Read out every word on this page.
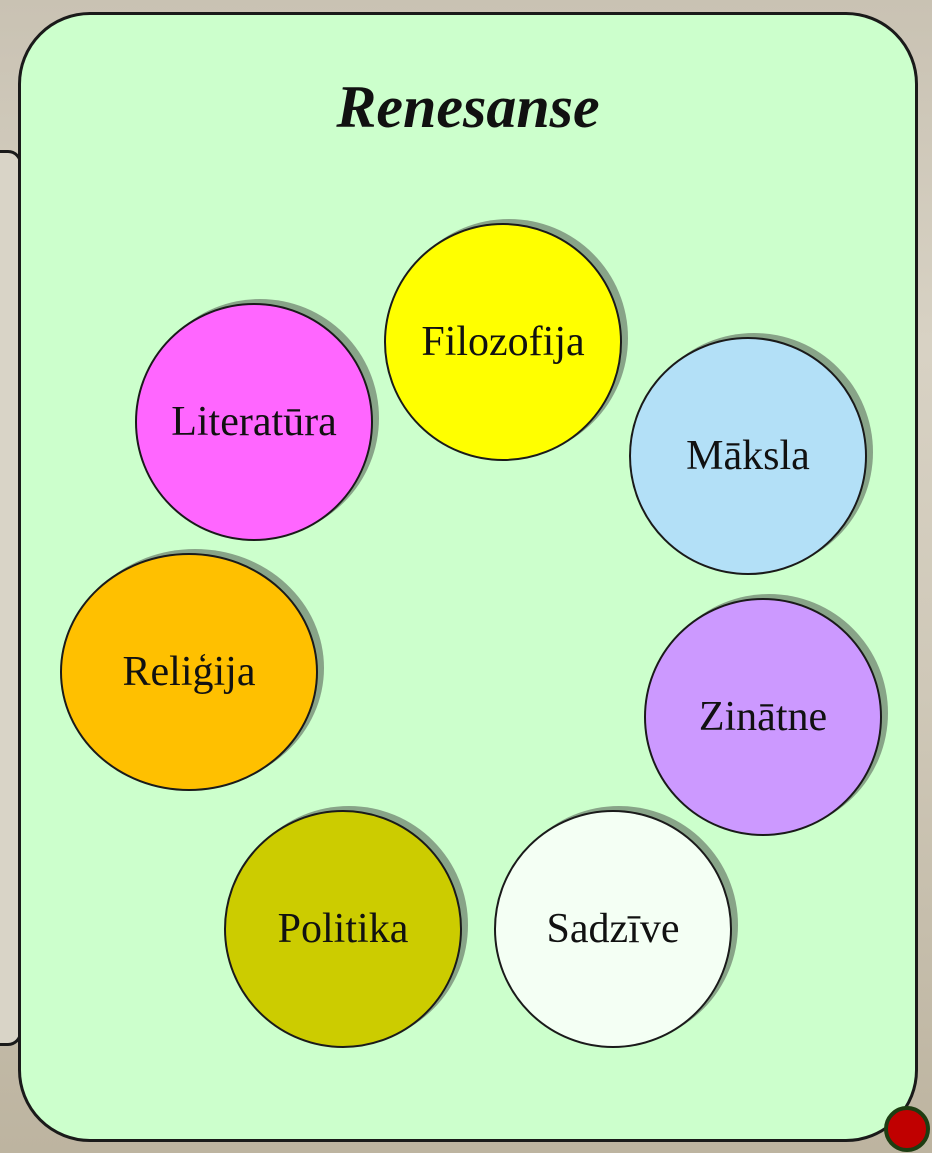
Renesanse
Filozofija
Māksla
Zinātne
Sadzīve
Politika
Reliģija
Literatūra
